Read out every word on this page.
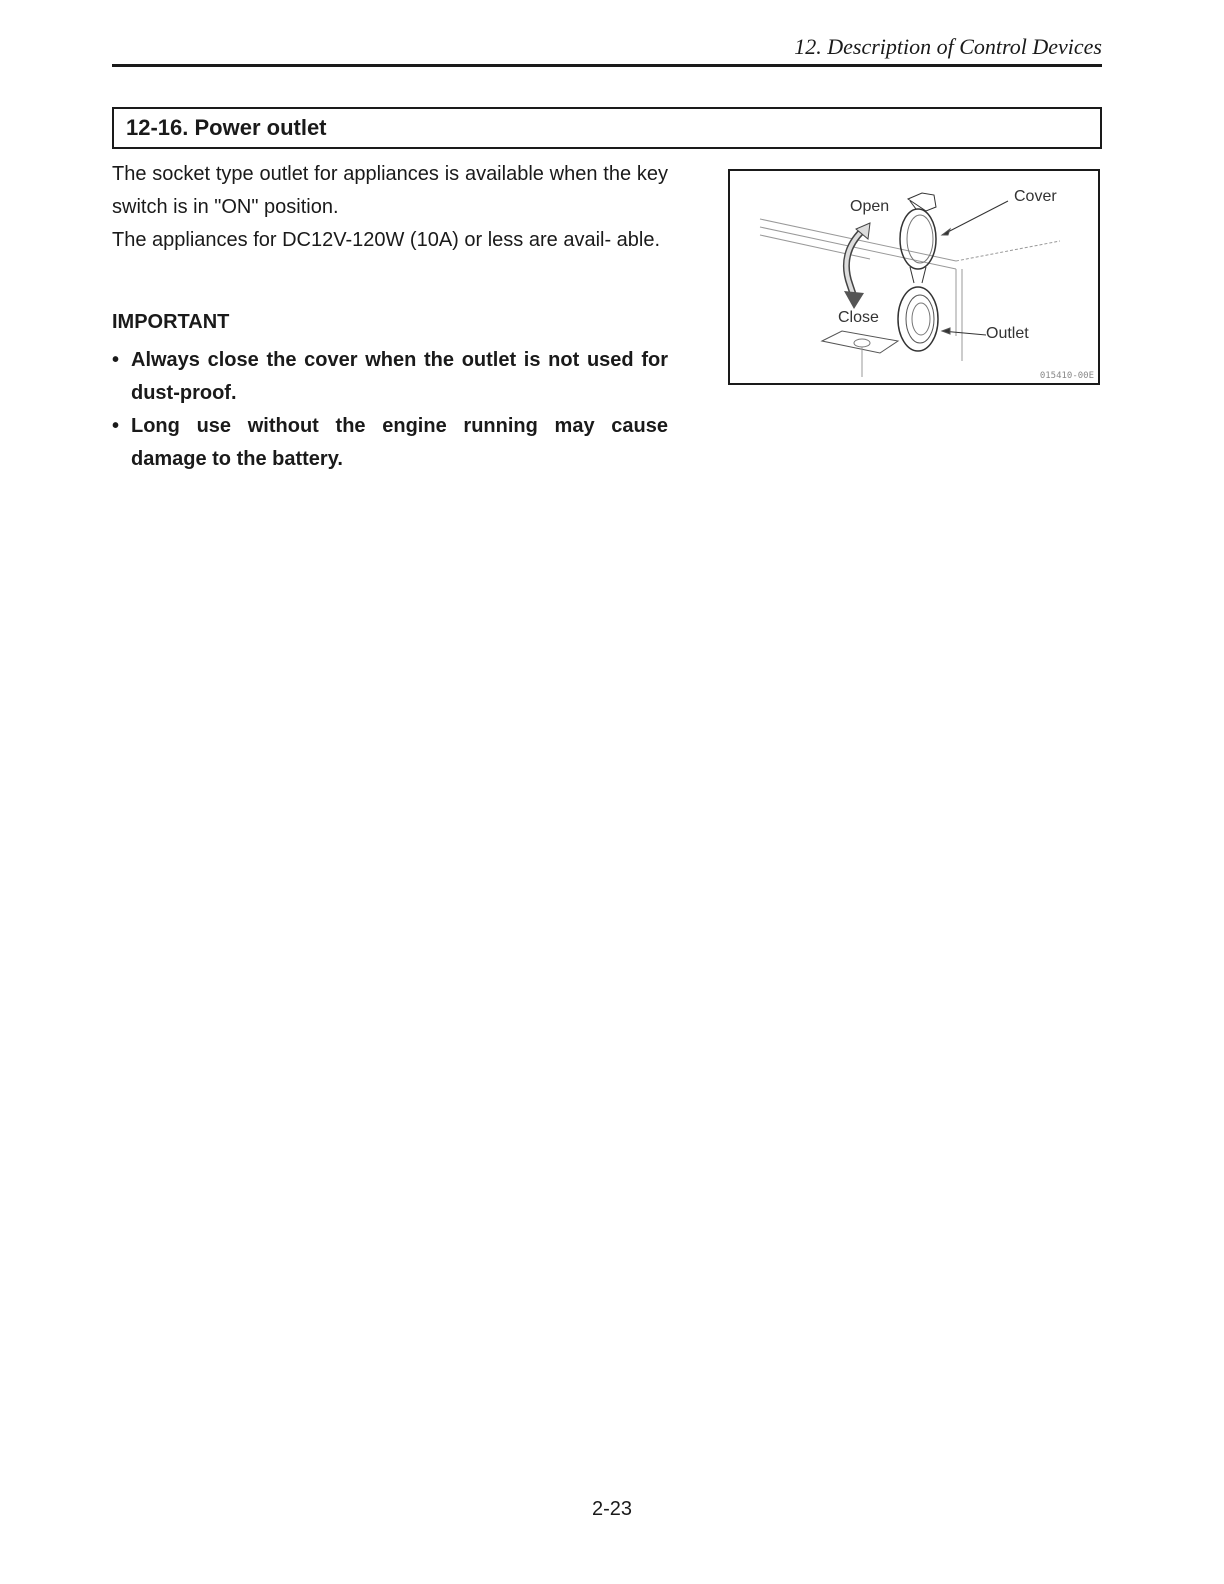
12. Description of Control Devices
12-16. Power outlet

The socket type outlet for appliances is available when the key switch is in "ON" position.

The appliances for DC12V-120W (10A) or less are avail- able.

IMPORTANT
• Always close the cover when the outlet is not used for dust-proof.
• Long use without the engine running may cause damage to the battery.
Open
Cover
Close
Outlet
015410-00E
2-23
